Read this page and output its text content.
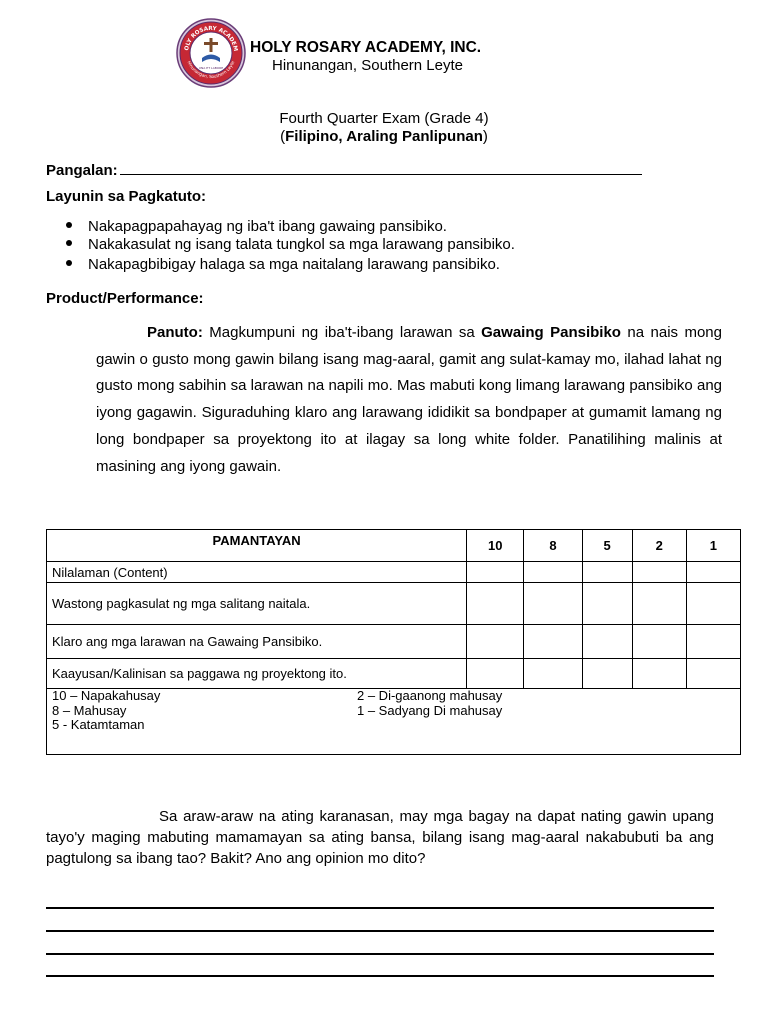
OLY ROSARY ACADEM
Hinunangan, Southern Leyte
UNA ET LABORE
HOLY ROSARY ACADEMY, INC.
Hinunangan, Southern Leyte
Fourth Quarter Exam (Grade 4)
(Filipino, Araling Panlipunan)
Pangalan:
Layunin sa Pagkatuto:
Nakapagpapahayag ng iba't ibang gawaing pansibiko.
Nakakasulat ng isang talata tungkol sa mga larawang pansibiko.
Nakapagbibigay halaga sa mga naitalang larawang pansibiko.
Product/Performance:
Panuto: Magkumpuni ng iba't-ibang larawan sa Gawaing Pansibiko na nais mong gawin o gusto mong gawin bilang isang mag-aaral, gamit ang sulat-kamay mo, ilahad lahat ng gusto mong sabihin sa larawan na napili mo. Mas mabuti kong limang larawang pansibiko ang iyong gagawin. Siguraduhing klaro ang larawang ididikit sa bondpaper at gumamit lamang ng long bondpaper sa proyektong ito at ilagay sa long white folder. Panatilihing malinis at masining ang iyong gawain.
PAMANTAYAN	10	8	5	2	1
Nilalaman (Content)					
Wastong pagkasulat ng mga salitang naitala.					
Klaro ang mga larawan na Gawaing Pansibiko.					
Kaayusan/Kalinisan sa paggawa ng proyektong ito.					

10 – Napakahusay
8 – Mahusay
5 - Katamtaman
2 – Di-gaanong mahusay
1 – Sadyang Di mahusay					
Sa araw-araw na ating karanasan, may mga bagay na dapat nating gawin upang tayo'y maging mabuting mamamayan sa ating bansa, bilang isang mag-aaral nakabubuti ba ang pagtulong sa ibang tao? Bakit? Ano ang opinion mo dito?
